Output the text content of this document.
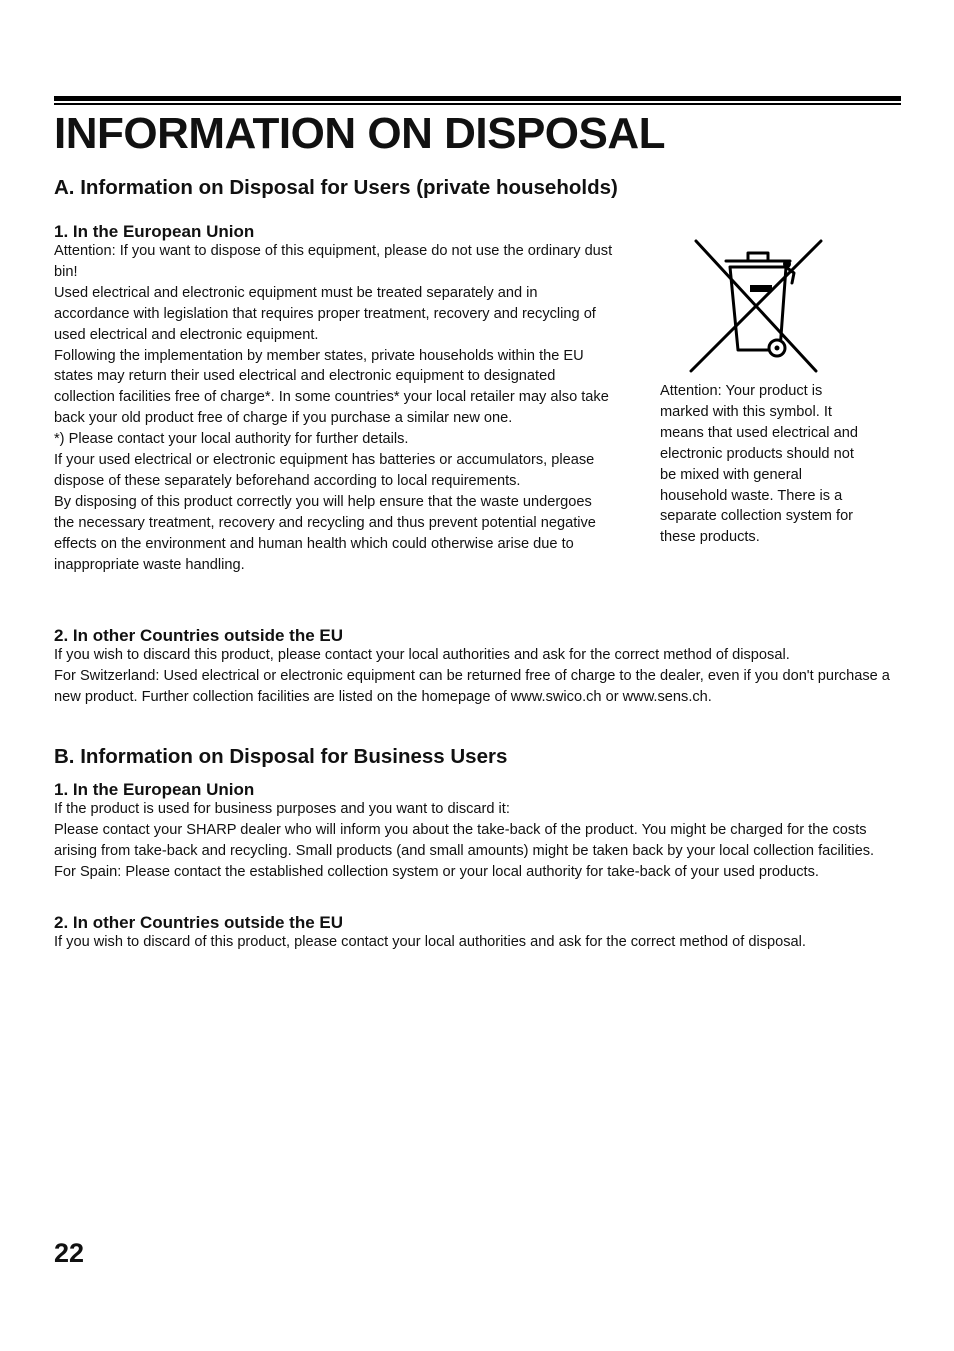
INFORMATION ON DISPOSAL
A. Information on Disposal for Users (private households)
1. In the European Union

Attention: If you want to dispose of this equipment, please do not use the ordinary dust bin!

Used electrical and electronic equipment must be treated separately and in accordance with legislation that requires proper treatment, recovery and recycling of used electrical and electronic equipment.

Following the implementation by member states, private households within the EU states may return their used electrical and electronic equipment to designated collection facilities free of charge*. In some countries* your local retailer may also take back your old product free of charge if you purchase a similar new one.

*) Please contact your local authority for further details.

If your used electrical or electronic equipment has batteries or accumulators, please dispose of these separately beforehand according to local requirements.

By disposing of this product correctly you will help ensure that the waste undergoes the necessary treatment, recovery and recycling and thus prevent potential negative effects on the environment and human health which could otherwise arise due to inappropriate waste handling.

Attention: Your product is marked with this symbol. It means that used electrical and electronic products should not be mixed with general household waste. There is a separate collection system for these products.

2. In other Countries outside the EU

If you wish to discard this product, please contact your local authorities and ask for the correct method of disposal.

For Switzerland: Used electrical or electronic equipment can be returned free of charge to the dealer, even if you don't purchase a new product. Further collection facilities are listed on the homepage of www.swico.ch or www.sens.ch.

B. Information on Disposal for Business Users
1. In the European Union

If the product is used for business purposes and you want to discard it:

Please contact your SHARP dealer who will inform you about the take-back of the product. You might be charged for the costs arising from take-back and recycling. Small products (and small amounts) might be taken back by your local collection facilities.

For Spain: Please contact the established collection system or your local authority for take-back of your used products.

2. In other Countries outside the EU

If you wish to discard of this product, please contact your local authorities and ask for the correct method of disposal.

22
